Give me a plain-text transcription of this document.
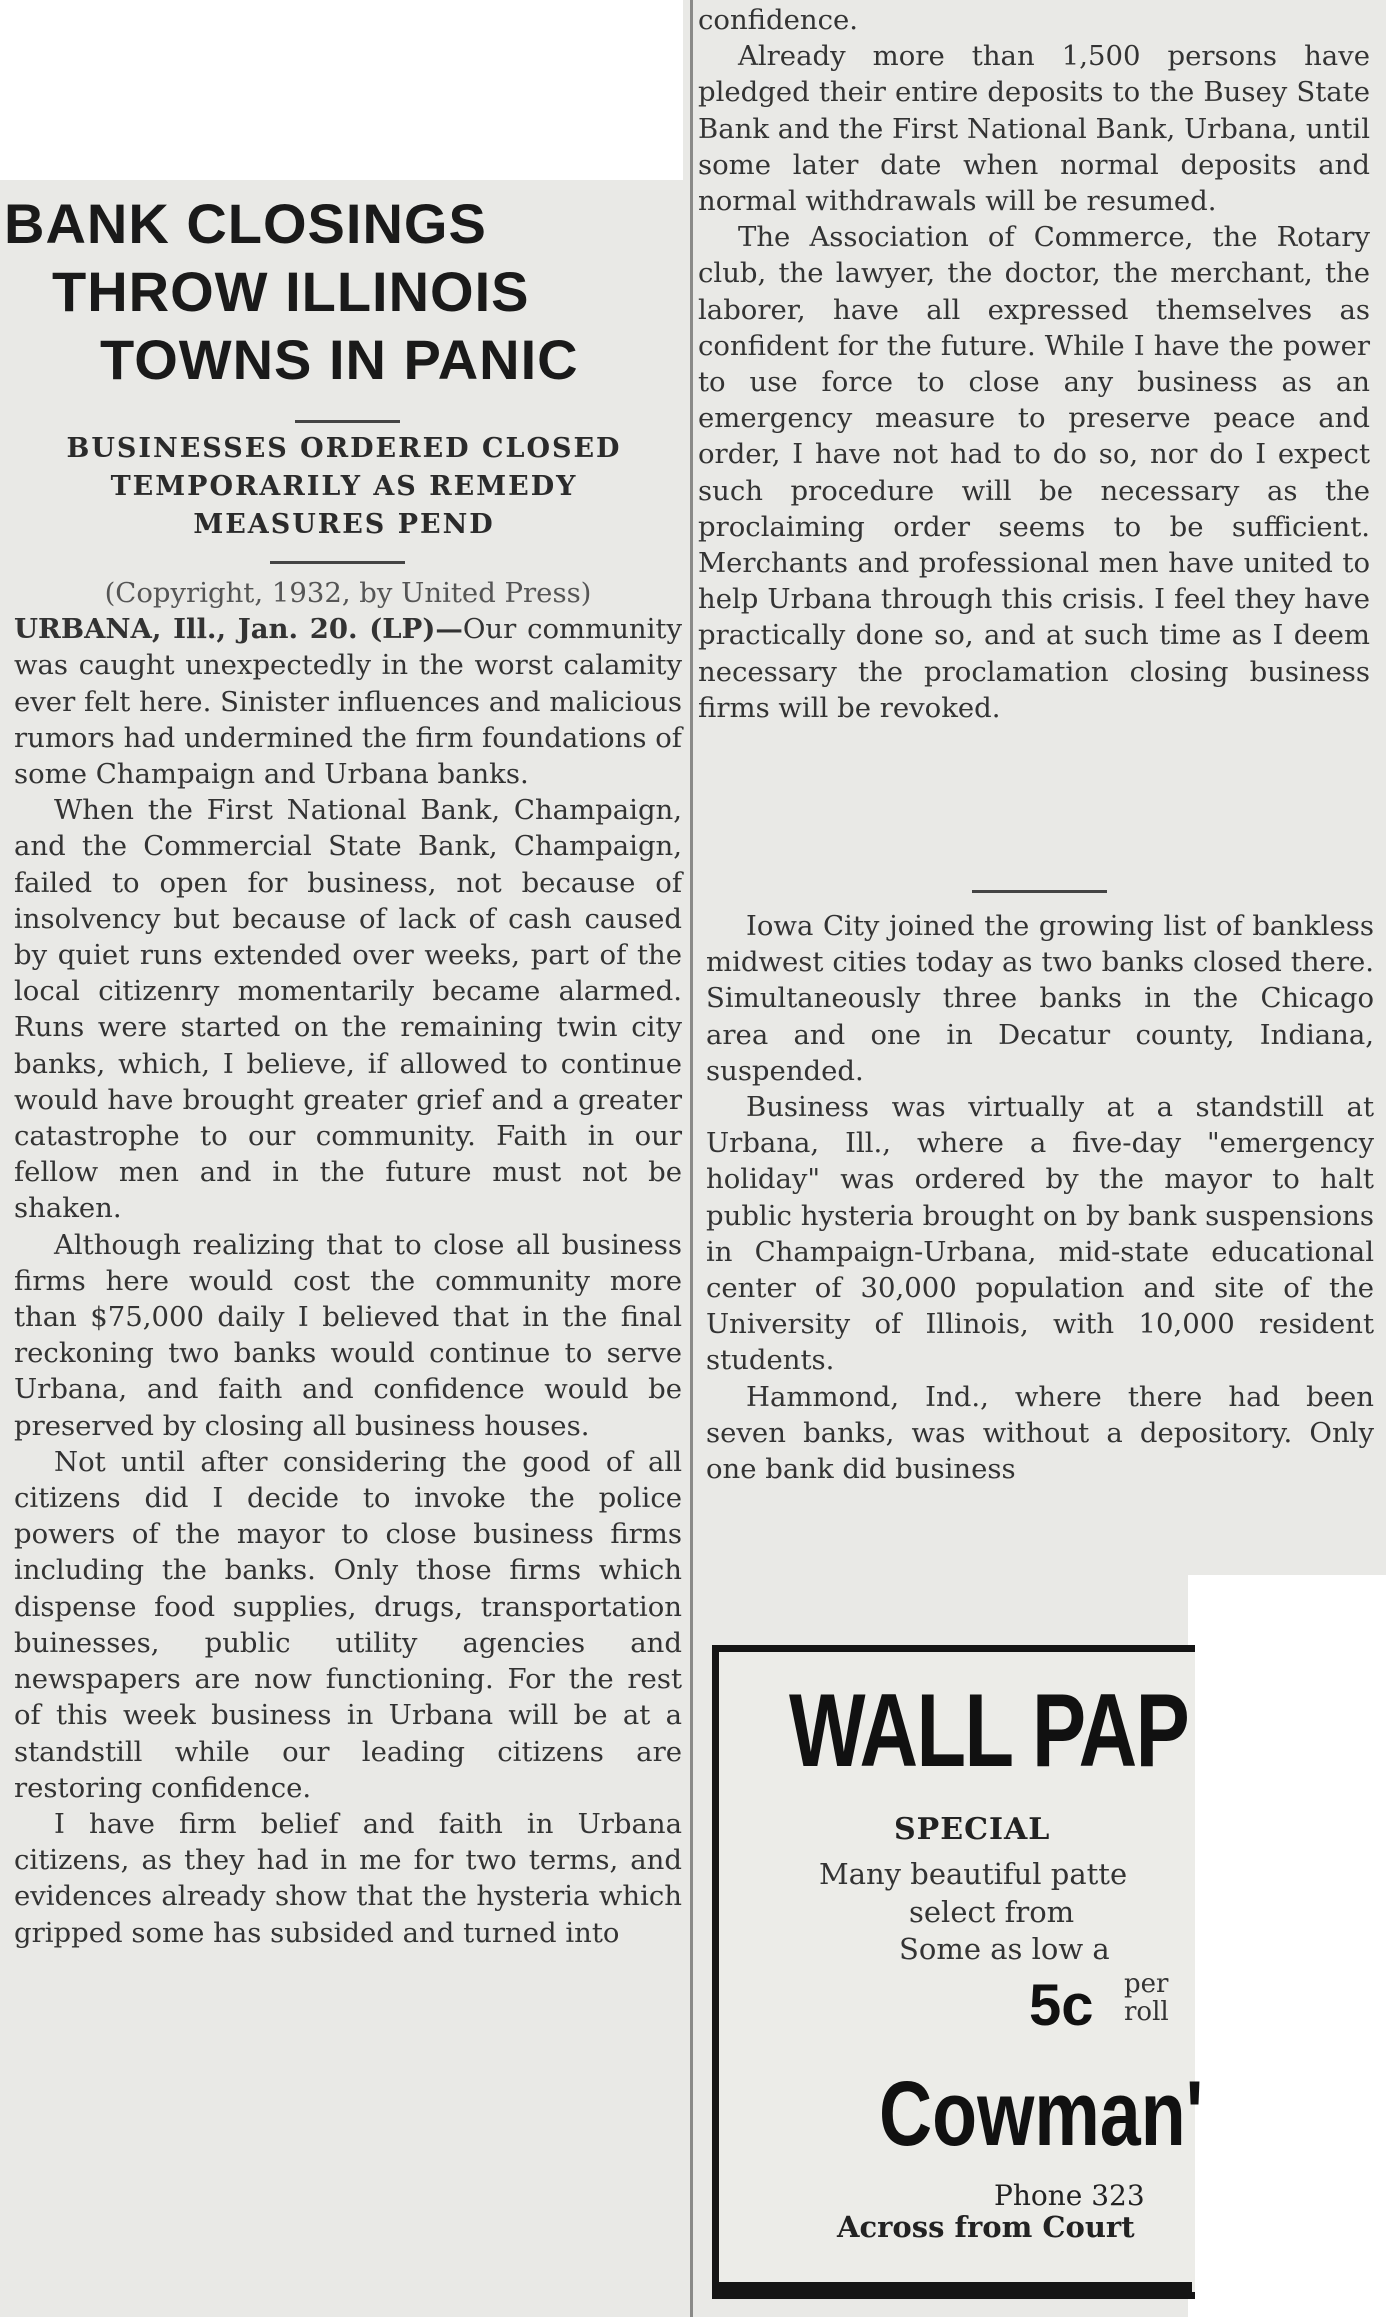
BANK CLOSINGS
THROW ILLINOIS
TOWNS IN PANIC
BUSINESSES ORDERED CLOSED
TEMPORARILY AS REMEDY
MEASURES PEND

(Copyright, 1932, by United Press)

URBANA, Ill., Jan. 20. (LP)—Our community was caught unexpectedly in the worst calamity ever felt here. Sinister influences and malicious rumors had undermined the firm foundations of some Champaign and Urbana banks.

When the First National Bank, Champaign, and the Commercial State Bank, Champaign, failed to open for business, not because of insolvency but because of lack of cash caused by quiet runs extended over weeks, part of the local citizenry momentarily became alarmed. Runs were started on the remaining twin city banks, which, I believe, if allowed to continue would have brought greater grief and a greater catastrophe to our community. Faith in our fellow men and in the future must not be shaken.

Although realizing that to close all business firms here would cost the community more than $75,000 daily I believed that in the final reckoning two banks would continue to serve Urbana, and faith and confidence would be preserved by closing all business houses.

Not until after considering the good of all citizens did I decide to invoke the police powers of the mayor to close business firms including the banks. Only those firms which dispense food supplies, drugs, transportation buinesses, public utility agencies and newspapers are now functioning. For the rest of this week business in Urbana will be at a standstill while our leading citizens are restoring confidence.

I have firm belief and faith in Urbana citizens, as they had in me for two terms, and evidences already show that the hysteria which gripped some has subsided and turned into

confidence.

Already more than 1,500 persons have pledged their entire deposits to the Busey State Bank and the First National Bank, Urbana, until some later date when normal deposits and normal withdrawals will be resumed.

The Association of Commerce, the Rotary club, the lawyer, the doctor, the merchant, the laborer, have all expressed themselves as confident for the future. While I have the power to use force to close any business as an emergency measure to preserve peace and order, I have not had to do so, nor do I expect such procedure will be necessary as the proclaiming order seems to be sufficient. Merchants and professional men have united to help Urbana through this crisis. I feel they have practically done so, and at such time as I deem necessary the proclamation closing business firms will be revoked.

Iowa City joined the growing list of bankless midwest cities today as two banks closed there. Simultaneously three banks in the Chicago area and one in Decatur county, Indiana, suspended.

Business was virtually at a standstill at Urbana, Ill., where a five-day "emergency holiday" was ordered by the mayor to halt public hysteria brought on by bank suspensions in Champaign-Urbana, mid-state educational center of 30,000 population and site of the University of Illinois, with 10,000 resident students.

Hammond, Ind., where there had been seven banks, was without a depository. Only one bank did business

WALL PAP
SPECIAL
Many beautiful patte
select from
Some as low a
5c per
roll
Cowman'
Phone 323
Across from Court
